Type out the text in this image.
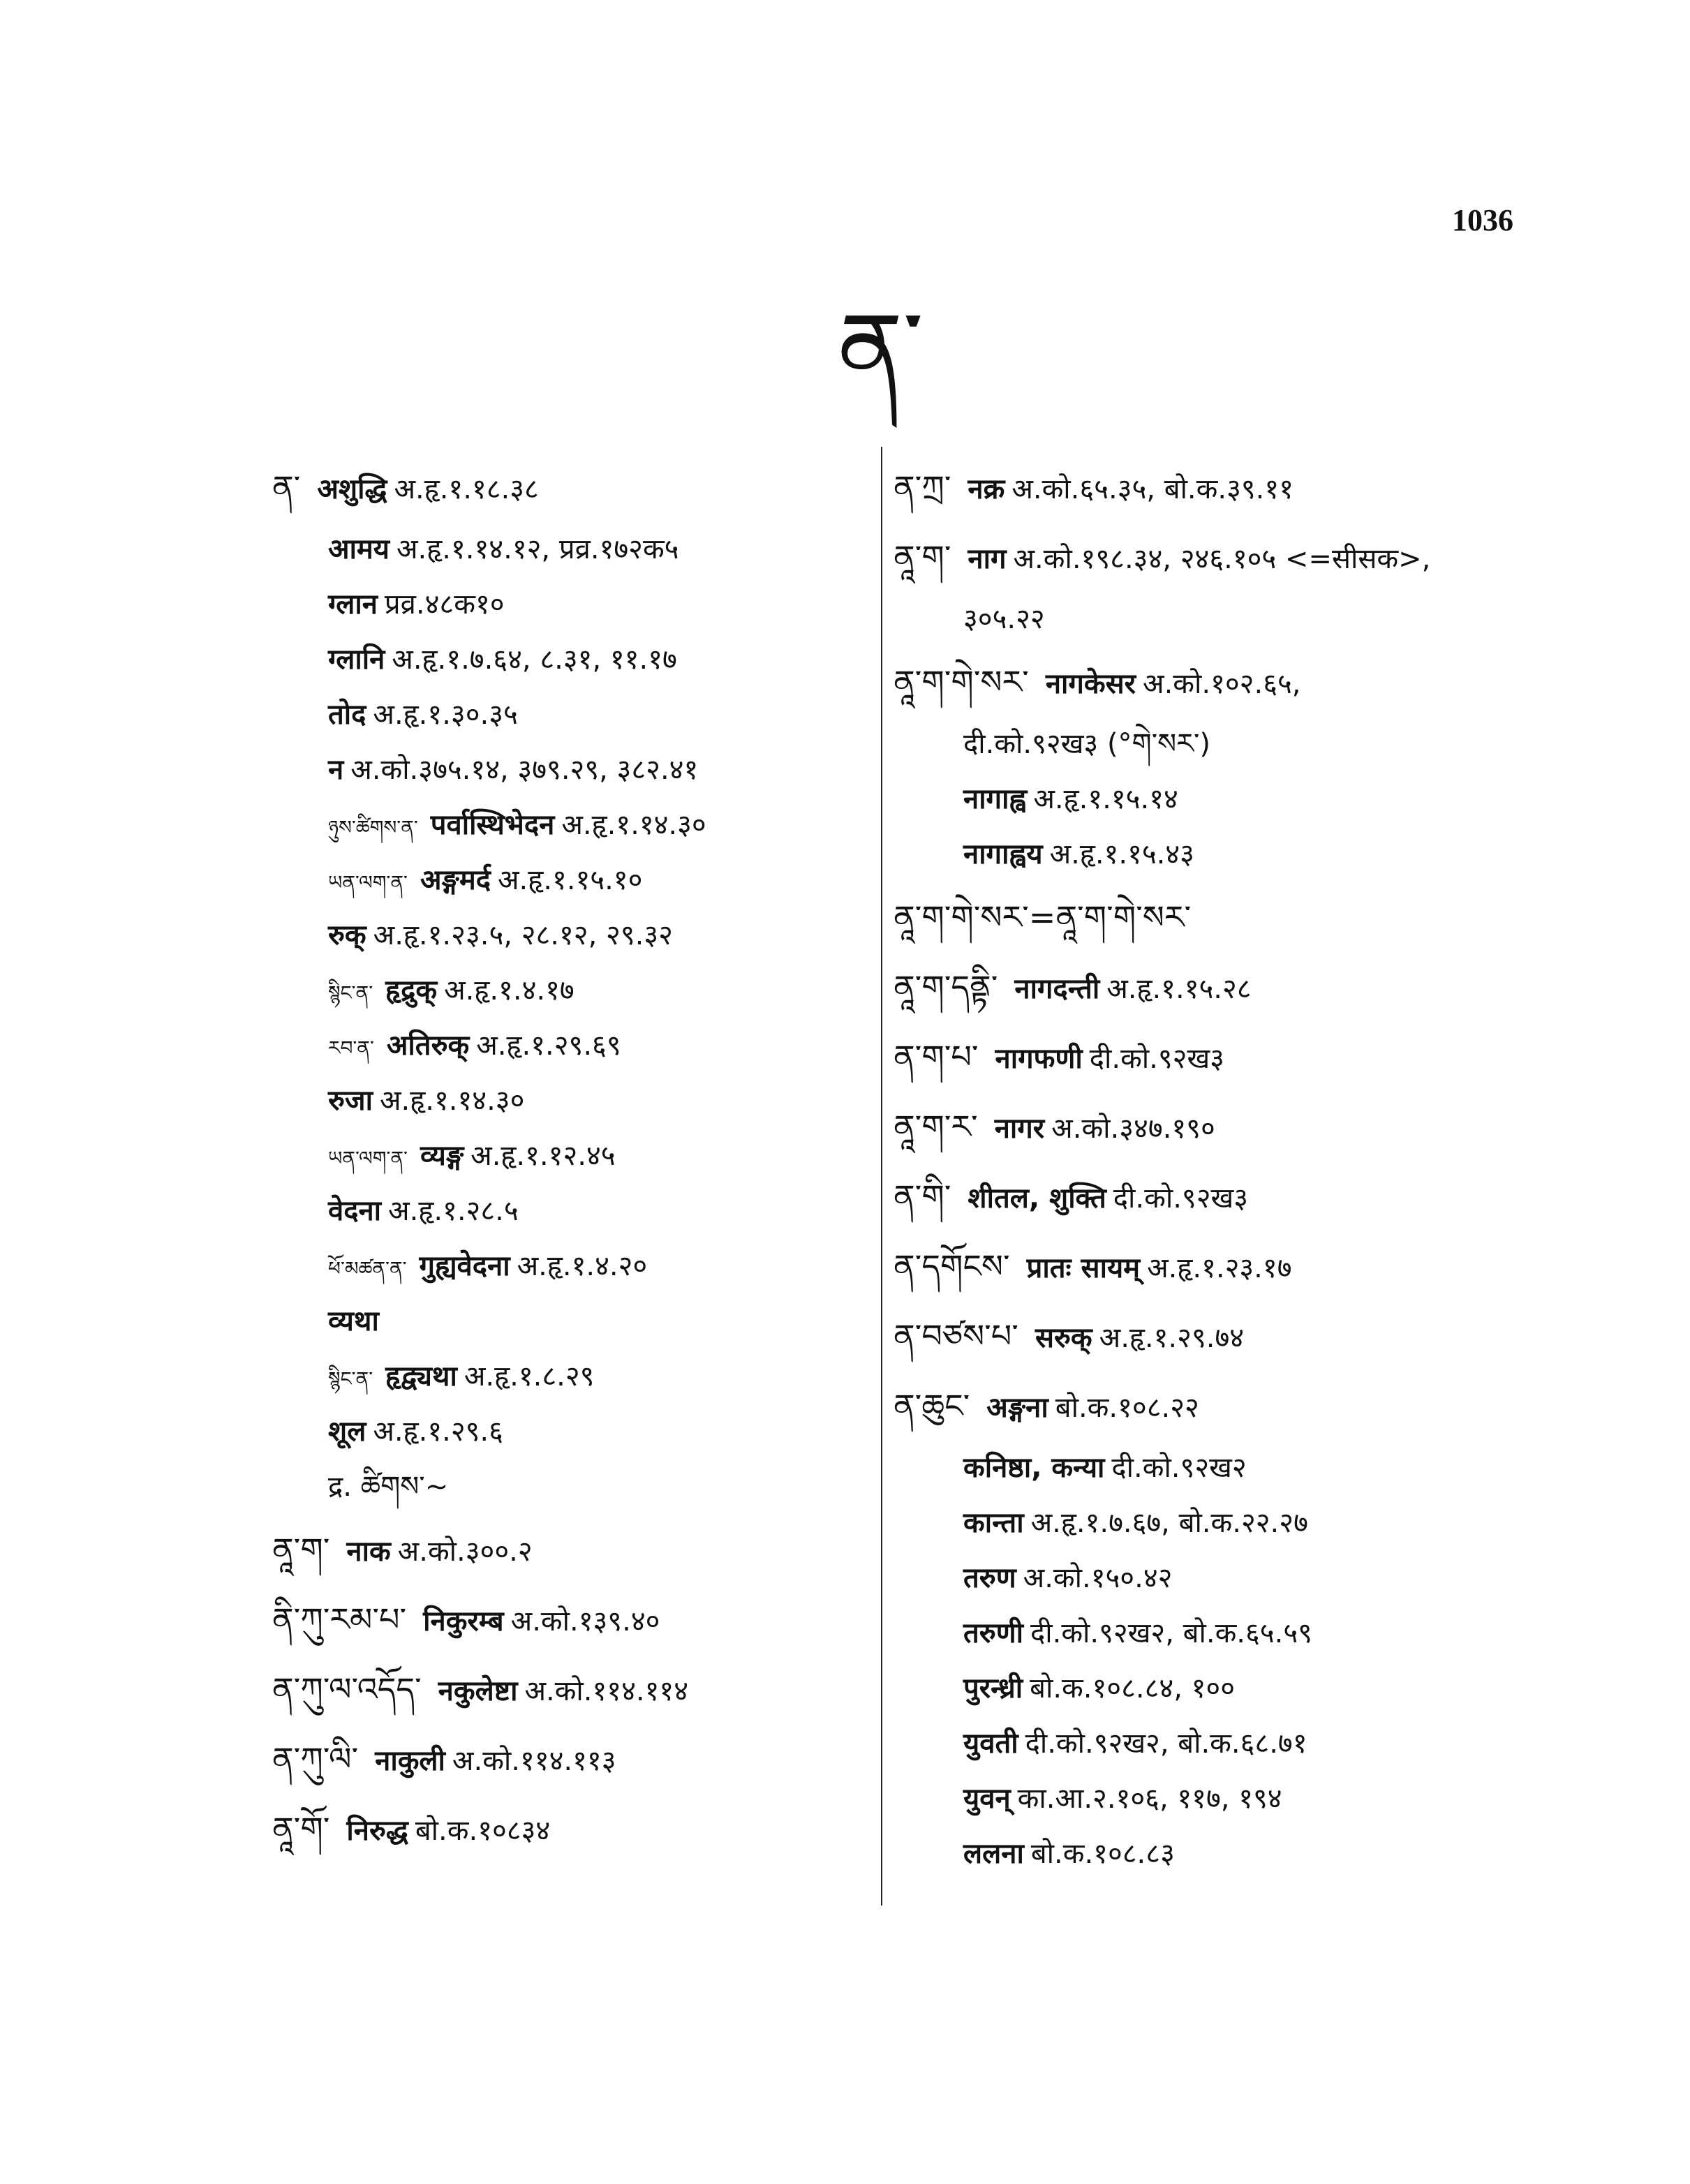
1036
ན་
ན་ अशुद्धि अ.हृ.१.१८.३८
आमय अ.हृ.१.१४.१२, प्रव्र.१७२क५
ग्लान प्रव्र.४८क१०
ग्लानि अ.हृ.१.७.६४, ८.३१, ११.१७
तोद अ.हृ.१.३०.३५
न अ.को.३७५.१४, ३७९.२९, ३८२.४१
ཉུས་ཚིགས་ན་ पर्वास्थिभेदन अ.हृ.१.१४.३०
ཡན་ལག་ན་ अङ्गमर्द अ.हृ.१.१५.१०
रुक् अ.हृ.१.२३.५, २८.१२, २९.३२
སྙིང་ན་ हृद्रुक् अ.हृ.१.४.१७
རབ་ན་ अतिरुक् अ.हृ.१.२९.६९
रुजा अ.हृ.१.१४.३०
ཡན་ལག་ན་ व्यङ्ग अ.हृ.१.१२.४५
वेदना अ.हृ.१.२८.५
ཕོ་མཚན་ན་ गुह्यवेदना अ.हृ.१.४.२०
व्यथा
སྙིང་ན་ हृद्व्यथा अ.हृ.१.८.२९
शूल अ.हृ.१.२९.६
द्र. ཚིགས་~
ནཱ་ག་ नाक अ.को.३००.२
ནི་ཀུ་རམ་པ་ निकुरम्ब अ.को.१३९.४०
ན་ཀུ་ལ་འདོད་ नकुलेष्टा अ.को.११४.११४
ན་ཀུ་ལི་ नाकुली अ.को.११४.११३
ནཱ་གོ་ निरुद्ध बो.क.१०८३४
ན་ཀྲ་ नक्र अ.को.६५.३५, बो.क.३९.११
ནཱ་ག་ नाग अ.को.१९८.३४, २४६.१०५ <=सीसक>,
३०५.२२
ནཱ་ག་གེ་སར་ नागकेसर अ.को.१०२.६५,
दी.को.९२ख३ (°གེ་སར་)
नागाह्व अ.हृ.१.१५.१४
नागाह्वय अ.हृ.१.१५.४३
ནཱ་ག་གེ་སར་=ནཱ་ག་གེ་སར་
ནཱ་ག་དནྟི་ नागदन्ती अ.हृ.१.१५.२८
ན་ག་པ་ नागफणी दी.को.९२ख३
ནཱ་ག་ར་ नागर अ.को.३४७.१९०
ན་གི་ शीतल, शुक्ति दी.को.९२ख३
ན་དགོངས་ प्रातः सायम् अ.हृ.१.२३.१७
ན་བཙས་པ་ सरुक् अ.हृ.१.२९.७४
ན་ཆུང་ अङ्गना बो.क.१०८.२२
कनिष्ठा, कन्या दी.को.९२ख२
कान्ता अ.हृ.१.७.६७, बो.क.२२.२७
तरुण अ.को.१५०.४२
तरुणी दी.को.९२ख२, बो.क.६५.५९
पुरन्ध्री बो.क.१०८.८४, १००
युवती दी.को.९२ख२, बो.क.६८.७१
युवन् का.आ.२.१०६, ११७, १९४
ललना बो.क.१०८.८३
